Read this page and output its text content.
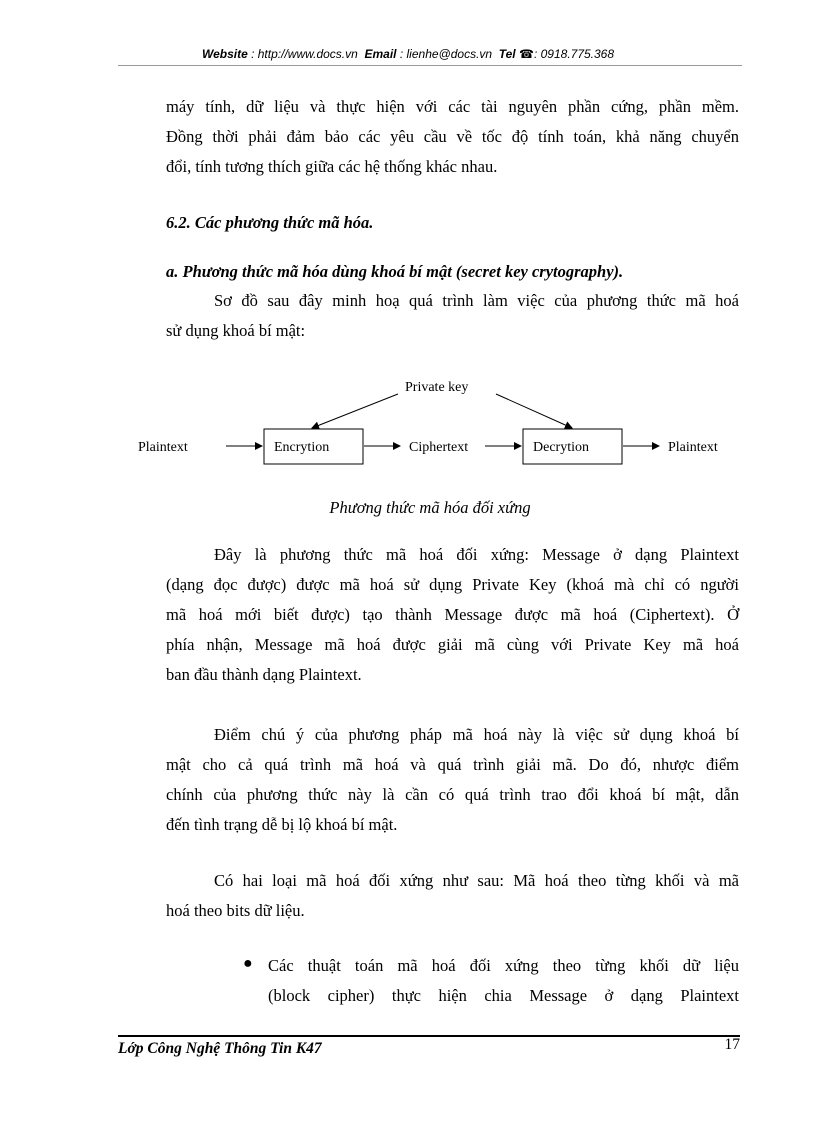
Website : http://www.docs.vn Email : lienhe@docs.vn Tel ☎: 0918.775.368
máy tính, dữ liệu và thực hiện với các tài nguyên phần cứng, phần mềm.
Đồng thời phải đảm bảo các yêu cầu về tốc độ tính toán, khả năng chuyển
đổi, tính tương thích giữa các hệ thống khác nhau.
6.2. Các phương thức mã hóa.
a. Phương thức mã hóa dùng khoá bí mật (secret key crytography).
Sơ đồ sau đây minh hoạ quá trình làm việc của phương thức mã hoá
sử dụng khoá bí mật:
Private key
Plaintext	Encrytion	Ciphertext	Decrytion	Plaintext
Phương thức mã hóa đối xứng
Đây là phương thức mã hoá đối xứng: Message ở dạng Plaintext
(dạng đọc được) được mã hoá sử dụng Private Key (khoá mà chỉ có người
mã hoá mới biết được) tạo thành Message được mã hoá (Ciphertext). Ở
phía nhận, Message mã hoá được giải mã cùng với Private Key mã hoá
ban đầu thành dạng Plaintext.
Điểm chú ý của phương pháp mã hoá này là việc sử dụng khoá bí
mật cho cả quá trình mã hoá và quá trình giải mã. Do đó, nhược điểm
chính của phương thức này là cần có quá trình trao đổi khoá bí mật, dẫn
đến tình trạng dễ bị lộ khoá bí mật.
Có hai loại mã hoá đối xứng như sau: Mã hoá theo từng khối và mã
hoá theo bits dữ liệu.
● Các thuật toán mã hoá đối xứng theo từng khối dữ liệu
(block cipher) thực hiện chia Message ở dạng Plaintext
Lớp Công Nghệ Thông Tin K47	17
